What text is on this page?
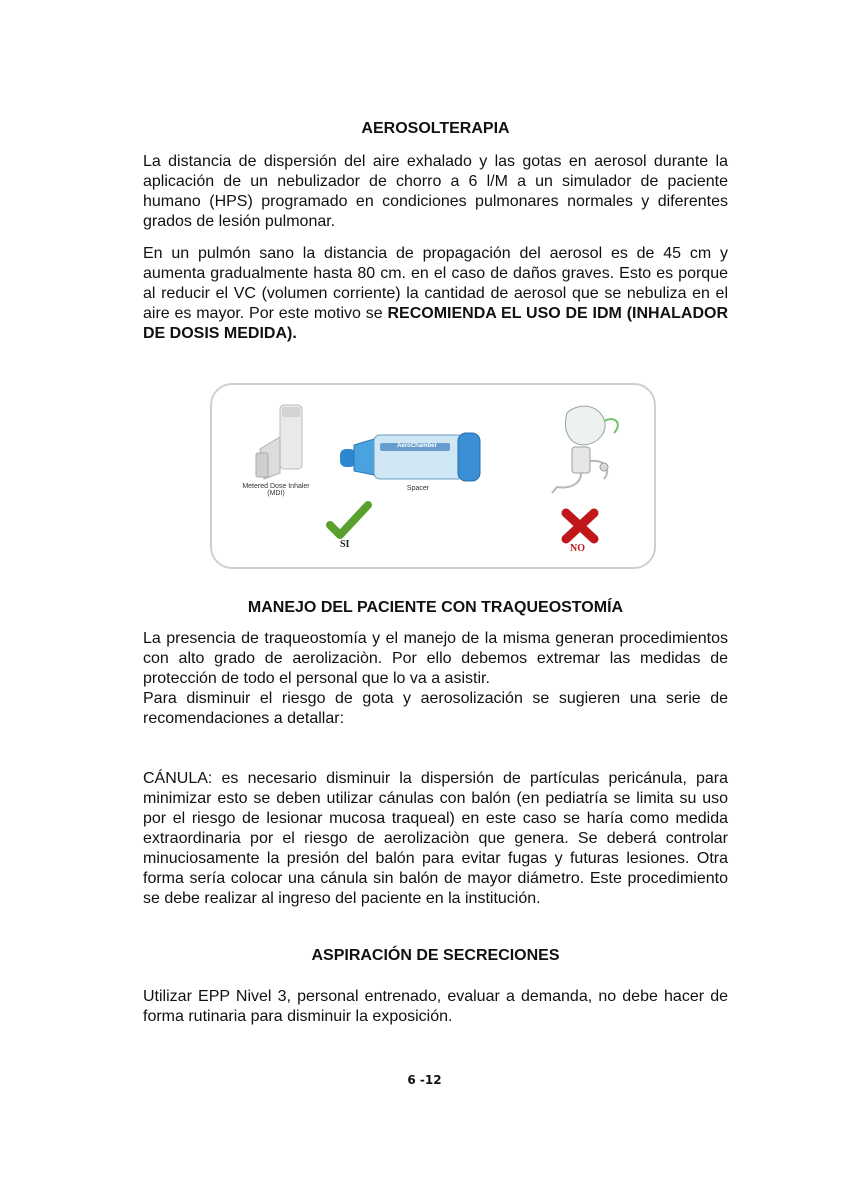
AEROSOLTERAPIA

La distancia de dispersión del aire exhalado y las gotas en aerosol durante la aplicación de un nebulizador de chorro a 6 l/M a un simulador de paciente humano (HPS) programado en condiciones pulmonares normales y diferentes grados de lesión pulmonar.

En un pulmón sano la distancia de propagación del aerosol es de 45 cm y aumenta gradualmente hasta 80 cm. en el caso de daños graves. Esto es porque al reducir el VC (volumen corriente) la cantidad de aerosol que se nebuliza en el aire es mayor. Por este motivo se RECOMIENDA EL USO DE IDM (INHALADOR DE DOSIS MEDIDA).

Metered Dose Inhaler
(MDI)
Spacer
AeroChamber
SI	NO
MANEJO DEL PACIENTE CON TRAQUEOSTOMÍA

La presencia de traqueostomía y el manejo de la misma generan procedimientos con alto grado de aerolizaciòn. Por ello debemos extremar las medidas de protección de todo el personal que lo va a asistir.

Para disminuir el riesgo de gota y aerosolización se sugieren una serie de recomendaciones a detallar:

CÁNULA: es necesario disminuir la dispersión de partículas pericánula, para minimizar esto se deben utilizar cánulas con balón (en pediatría se limita su uso por el riesgo de lesionar mucosa traqueal) en este caso se haría como medida extraordinaria por el riesgo de aerolizaciòn que genera. Se deberá controlar minuciosamente la presión del balón para evitar fugas y futuras lesiones. Otra forma sería colocar una cánula sin balón de mayor diámetro. Este procedimiento se debe realizar al ingreso del paciente en la institución.

ASPIRACIÓN DE SECRECIONES

Utilizar EPP Nivel 3, personal entrenado, evaluar a demanda, no debe hacer de forma rutinaria para disminuir la exposición.

6 -12
